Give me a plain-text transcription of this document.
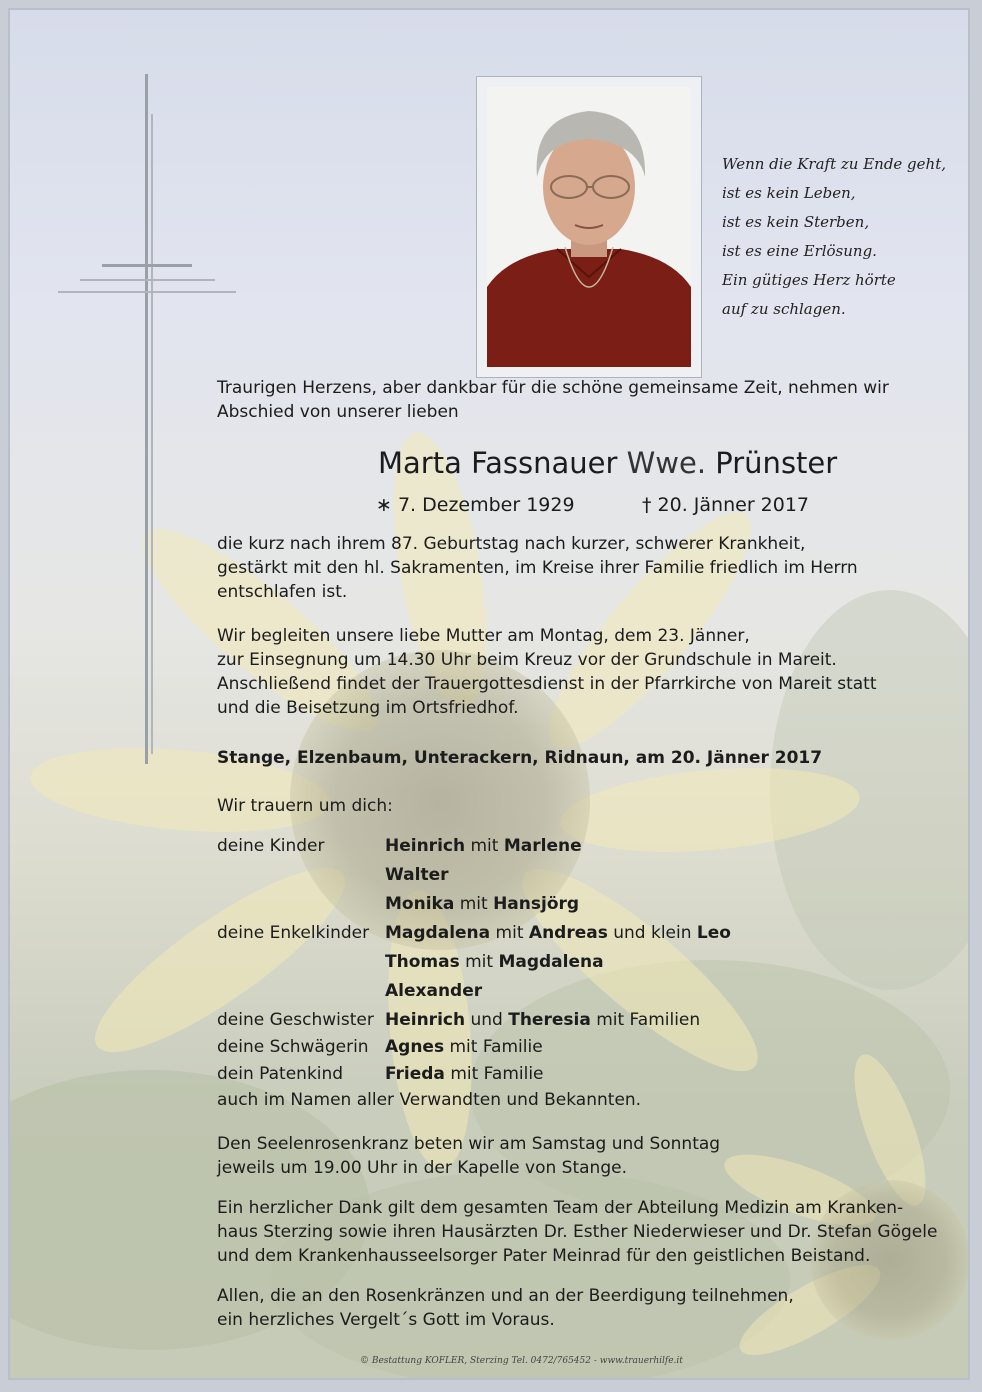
Wenn die Kraft zu Ende geht,
ist es kein Leben,
ist es kein Sterben,
ist es eine Erlösung.
Ein gütiges Herz hörte
auf zu schlagen.
Traurigen Herzens, aber dankbar für die schöne gemeinsame Zeit, nehmen wir
Abschied von unserer lieben
Marta Fassnauer Wwe. Prünster
∗ 7. Dezember 1929	† 20. Jänner 2017
die kurz nach ihrem 87. Geburtstag nach kurzer, schwerer Krankheit,
gestärkt mit den hl. Sakramenten, im Kreise ihrer Familie friedlich im Herrn
entschlafen ist.
Wir begleiten unsere liebe Mutter am Montag, dem 23. Jänner,
zur Einsegnung um 14.30 Uhr beim Kreuz vor der Grundschule in Mareit.
Anschließend findet der Trauergottesdienst in der Pfarrkirche von Mareit statt
und die Beisetzung im Ortsfriedhof.
Stange, Elzenbaum, Unterackern, Ridnaun, am 20. Jänner 2017
Wir trauern um dich:
deine Kinder	Heinrich mit Marlene
Walter
Monika mit Hansjörg
deine Enkelkinder Magdalena mit Andreas und klein Leo
Thomas mit Magdalena
Alexander
deine Geschwister Heinrich und Theresia mit Familien
deine Schwägerin Agnes mit Familie
dein Patenkind Frieda mit Familie
auch im Namen aller Verwandten und Bekannten.
Den Seelenrosenkranz beten wir am Samstag und Sonntag
jeweils um 19.00 Uhr in der Kapelle von Stange.
Ein herzlicher Dank gilt dem gesamten Team der Abteilung Medizin am Kranken-
haus Sterzing sowie ihren Hausärzten Dr. Esther Niederwieser und Dr. Stefan Gögele
und dem Krankenhausseelsorger Pater Meinrad für den geistlichen Beistand.
Allen, die an den Rosenkränzen und an der Beerdigung teilnehmen,
ein herzliches Vergelt´s Gott im Voraus.
© Bestattung KOFLER, Sterzing Tel. 0472/765452 - www.trauerhilfe.it
